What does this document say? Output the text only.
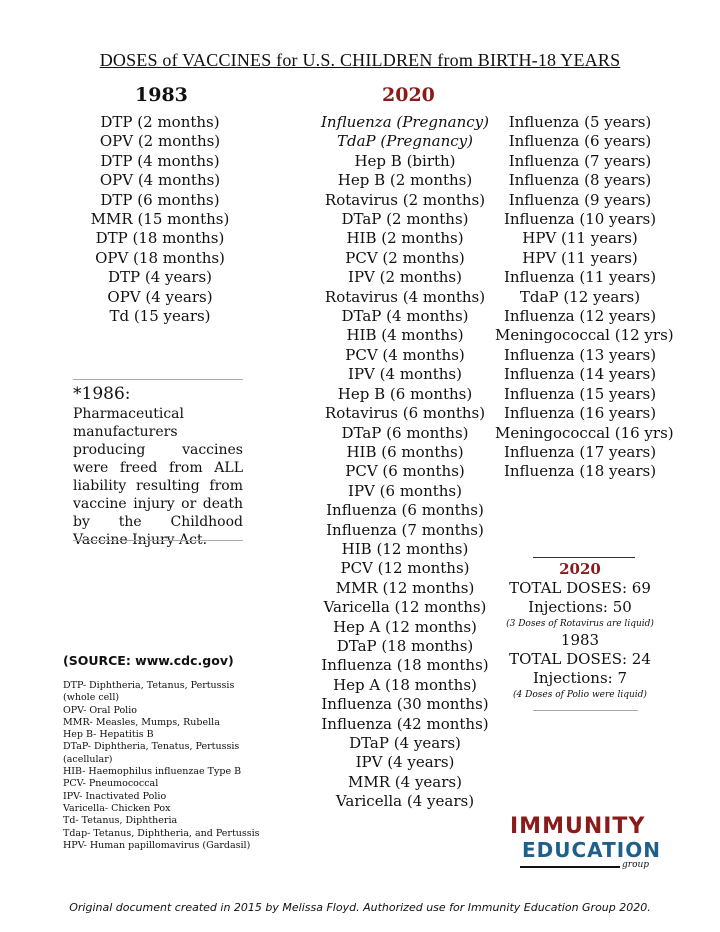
DOSES of VACCINES for U.S. CHILDREN from BIRTH-18 YEARS
1983
DTP (2 months)
OPV (2 months)
DTP (4 months)
OPV (4 months)
DTP (6 months)
MMR (15 months)
DTP (18 months)
OPV (18 months)
DTP (4 years)
OPV (4 years)
Td (15 years)
2020
Influenza (Pregnancy)
TdaP (Pregnancy)
Hep B (birth)
Hep B (2 months)
Rotavirus (2 months)
DTaP (2 months)
HIB (2 months)
PCV (2 months)
IPV (2 months)
Rotavirus (4 months)
DTaP (4 months)
HIB (4 months)
PCV (4 months)
IPV (4 months)
Hep B (6 months)
Rotavirus (6 months)
DTaP (6 months)
HIB (6 months)
PCV (6 months)
IPV (6 months)
Influenza (6 months)
Influenza (7 months)
HIB (12 months)
PCV (12 months)
MMR (12 months)
Varicella (12 months)
Hep A (12 months)
DTaP (18 months)
Influenza (18 months)
Hep A (18 months)
Influenza (30 months)
Influenza (42 months)
DTaP (4 years)
IPV (4 years)
MMR (4 years)
Varicella (4 years)
Influenza (5 years)
Influenza (6 years)
Influenza (7 years)
Influenza (8 years)
Influenza (9 years)
Influenza (10 years)
HPV (11 years)
HPV (11 years)
Influenza (11 years)
TdaP (12 years)
Influenza (12 years)
Meningococcal (12 yrs)
Influenza (13 years)
Influenza (14 years)
Influenza (15 years)
Influenza (16 years)
Meningococcal (16 yrs)
Influenza (17 years)
Influenza (18 years)
*1986:
Pharmaceutical manufacturers producing vaccines were freed from ALL liability resulting from vaccine injury or death by the Childhood Vaccine Injury Act.
(SOURCE: www.cdc.gov)
DTP- Diphtheria, Tetanus, Pertussis
(whole cell)
OPV- Oral Polio
MMR- Measles, Mumps, Rubella
Hep B- Hepatitis B
DTaP- Diphtheria, Tenatus, Pertussis
(acellular)
HIB- Haemophilus influenzae Type B
PCV- Pneumococcal
IPV- Inactivated Polio
Varicella- Chicken Pox
Td- Tetanus, Diphtheria
Tdap- Tetanus, Diphtheria, and Pertussis
HPV- Human papillomavirus (Gardasil)
2020
TOTAL DOSES: 69
Injections: 50
(3 Doses of Rotavirus are liquid)
1983
TOTAL DOSES: 24
Injections: 7
(4 Doses of Polio were liquid)
IMMUNITY
EDUCATION
group
Original document created in 2015 by Melissa Floyd. Authorized use for Immunity Education Group 2020.
